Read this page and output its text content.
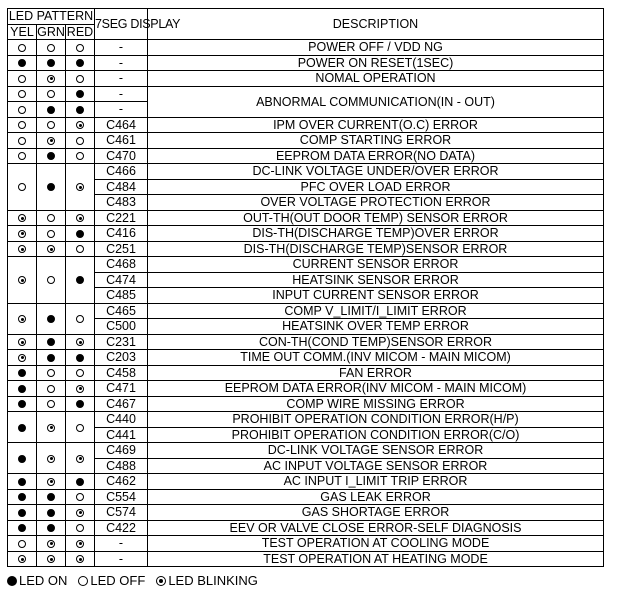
LED PATTERN			7SEG DISPLAY	DESCRIPTION
YEL	GRN	RED		
			-	POWER OFF / VDD NG
			-	POWER ON RESET(1SEC)
			-	NOMAL OPERATION
			-	ABNORMAL COMMUNICATION(IN - OUT)
			-	
			C464	IPM OVER CURRENT(O.C) ERROR
			C461	COMP STARTING ERROR
			C470	EEPROM DATA ERROR(NO DATA)
			C466	DC-LINK VOLTAGE UNDER/OVER ERROR
			C484	PFC OVER LOAD ERROR
			C483	OVER VOLTAGE PROTECTION ERROR
			C221	OUT-TH(OUT DOOR TEMP) SENSOR ERROR
			C416	DIS-TH(DISCHARGE TEMP)OVER ERROR
			C251	DIS-TH(DISCHARGE TEMP)SENSOR ERROR
			C468	CURRENT SENSOR ERROR
			C474	HEATSINK SENSOR ERROR
			C485	INPUT CURRENT SENSOR ERROR
			C465	COMP V_LIMIT/I_LIMIT ERROR
			C500	HEATSINK OVER TEMP ERROR
			C231	CON-TH(COND TEMP)SENSOR ERROR
			C203	TIME OUT COMM.(INV MICOM - MAIN MICOM)
			C458	FAN ERROR
			C471	EEPROM DATA ERROR(INV MICOM - MAIN MICOM)
			C467	COMP WIRE MISSING ERROR
			C440	PROHIBIT OPERATION CONDITION ERROR(H/P)
			C441	PROHIBIT OPERATION CONDITION ERROR(C/O)
			C469	DC-LINK VOLTAGE SENSOR ERROR
			C488	AC INPUT VOLTAGE SENSOR ERROR
			C462	AC INPUT I_LIMIT TRIP ERROR
			C554	GAS LEAK ERROR
			C574	GAS SHORTAGE ERROR
			C422	EEV OR VALVE CLOSE ERROR-SELF DIAGNOSIS
			-	TEST OPERATION AT COOLING MODE
			-	TEST OPERATION AT HEATING MODE
LED ON LED OFF LED BLINKING
